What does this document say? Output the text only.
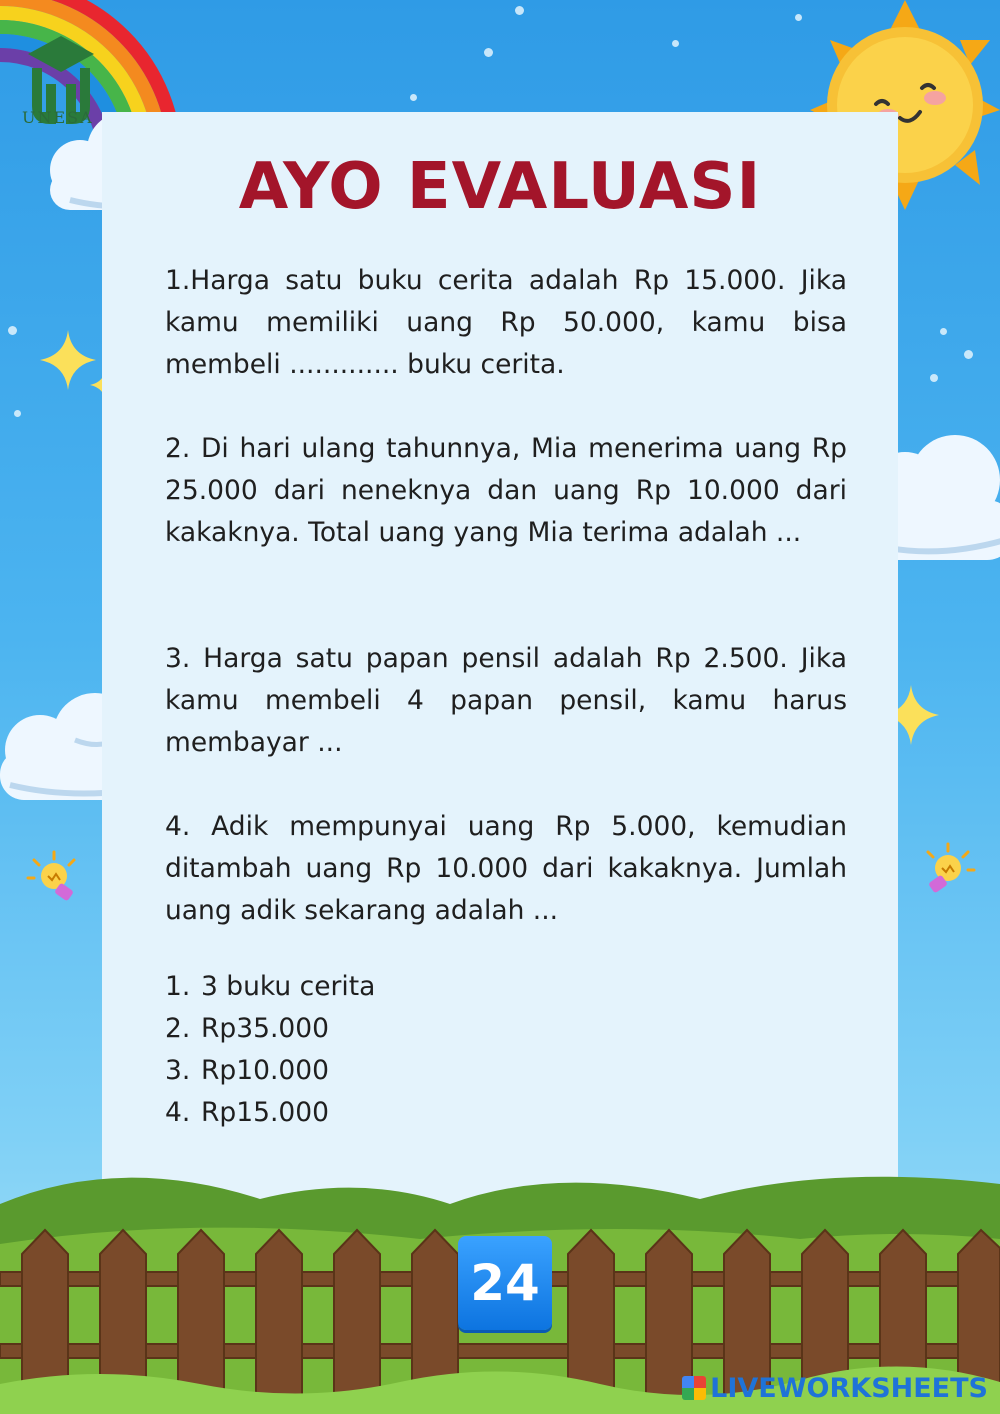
UNESA
AYO EVALUASI

1.Harga satu buku cerita adalah Rp 15.000. Jika kamu memiliki uang Rp 50.000, kamu bisa membeli ............. buku cerita.

2. Di hari ulang tahunnya, Mia menerima uang Rp 25.000 dari neneknya dan uang Rp 10.000 dari kakaknya. Total uang yang Mia terima adalah ...

3. Harga satu papan pensil adalah Rp 2.500. Jika kamu membeli 4 papan pensil, kamu harus membayar ...

4. Adik mempunyai uang Rp 5.000, kemudian ditambah uang Rp 10.000 dari kakaknya. Jumlah uang adik sekarang adalah ...

1. 3 buku cerita
2. Rp35.000
3. Rp10.000
4. Rp15.000
24
LIVEWORKSHEETS
